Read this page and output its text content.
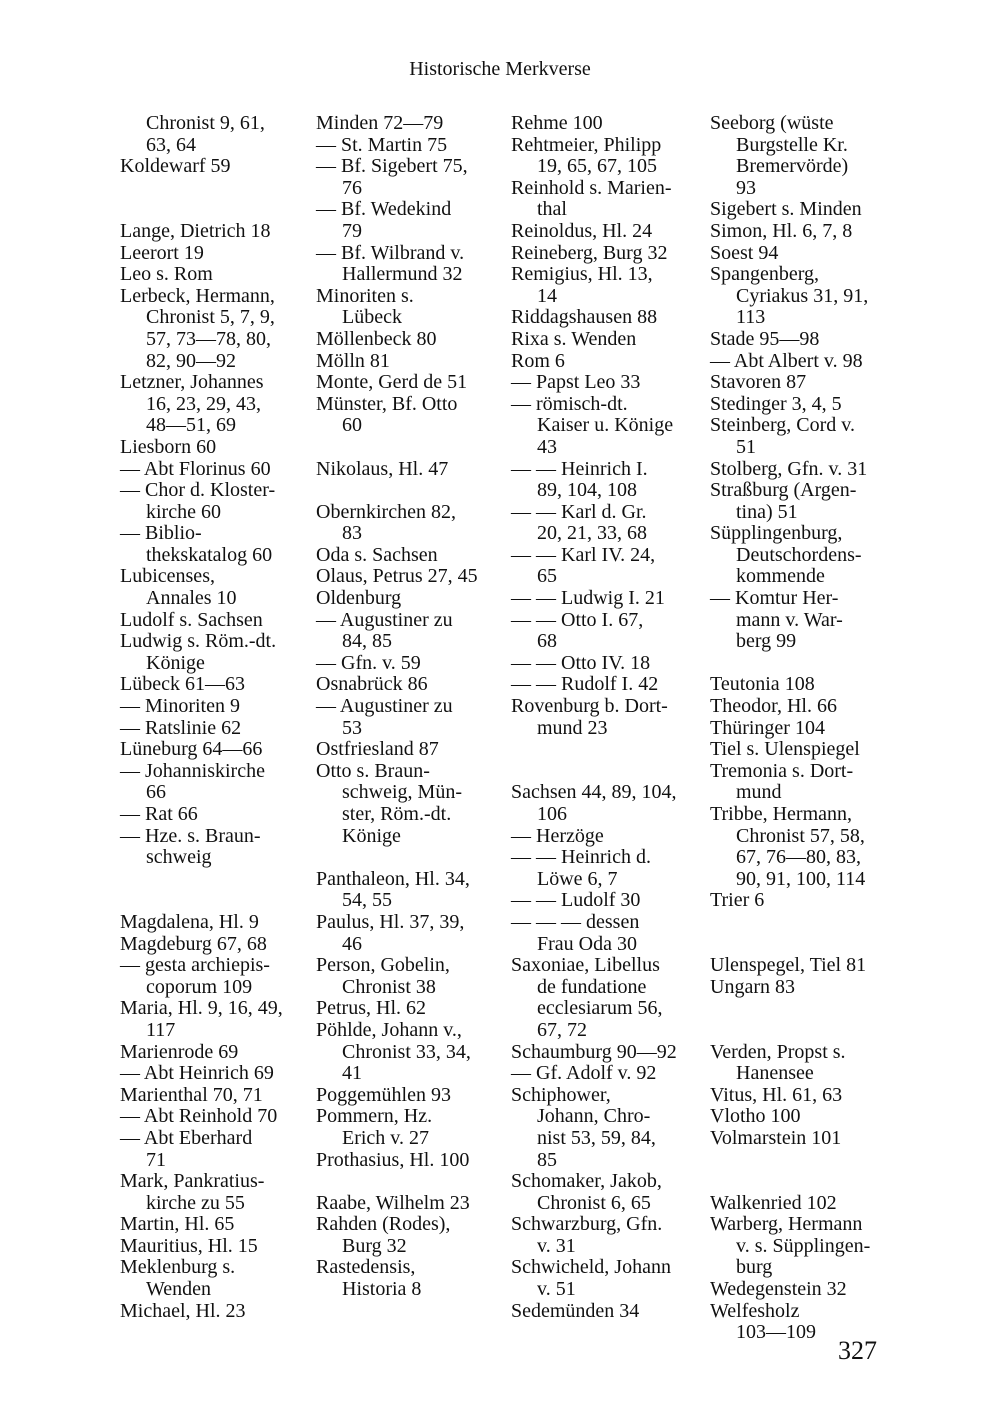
Historische Merkverse
Chronist 9, 61,
63, 64
Koldewarf 59
Lange, Dietrich 18
Leerort 19
Leo s. Rom
Lerbeck, Hermann,
Chronist 5, 7, 9,
57, 73—78, 80,
82, 90—92
Letzner, Johannes
16, 23, 29, 43,
48—51, 69
Liesborn 60
— Abt Florinus 60
— Chor d. Kloster-
kirche 60
— Biblio-
thekskatalog 60
Lubicenses,
Annales 10
Ludolf s. Sachsen
Ludwig s. Röm.-dt.
Könige
Lübeck 61—63
— Minoriten 9
— Ratslinie 62
Lüneburg 64—66
— Johanniskirche
66
— Rat 66
— Hze. s. Braun-
schweig
Magdalena, Hl. 9
Magdeburg 67, 68
— gesta archiepis-
coporum 109
Maria, Hl. 9, 16, 49,
117
Marienrode 69
— Abt Heinrich 69
Marienthal 70, 71
— Abt Reinhold 70
— Abt Eberhard
71
Mark, Pankratius-
kirche zu 55
Martin, Hl. 65
Mauritius, Hl. 15
Meklenburg s.
Wenden
Michael, Hl. 23
Minden 72—79
— St. Martin 75
— Bf. Sigebert 75,
76
— Bf. Wedekind
79
— Bf. Wilbrand v.
Hallermund 32
Minoriten s.
Lübeck
Möllenbeck 80
Mölln 81
Monte, Gerd de 51
Münster, Bf. Otto
60
Nikolaus, Hl. 47
Obernkirchen 82,
83
Oda s. Sachsen
Olaus, Petrus 27, 45
Oldenburg
— Augustiner zu
84, 85
— Gfn. v. 59
Osnabrück 86
— Augustiner zu
53
Ostfriesland 87
Otto s. Braun-
schweig, Mün-
ster, Röm.-dt.
Könige
Panthaleon, Hl. 34,
54, 55
Paulus, Hl. 37, 39,
46
Person, Gobelin,
Chronist 38
Petrus, Hl. 62
Pöhlde, Johann v.,
Chronist 33, 34,
41
Poggemühlen 93
Pommern, Hz.
Erich v. 27
Prothasius, Hl. 100
Raabe, Wilhelm 23
Rahden (Rodes),
Burg 32
Rastedensis,
Historia 8
Rehme 100
Rehtmeier, Philipp
19, 65, 67, 105
Reinhold s. Marien-
thal
Reinoldus, Hl. 24
Reineberg, Burg 32
Remigius, Hl. 13,
14
Riddagshausen 88
Rixa s. Wenden
Rom 6
— Papst Leo 33
— römisch-dt.
Kaiser u. Könige
43
— — Heinrich I.
89, 104, 108
— — Karl d. Gr.
20, 21, 33, 68
— — Karl IV. 24,
65
— — Ludwig I. 21
— — Otto I. 67,
68
— — Otto IV. 18
— — Rudolf I. 42
Rovenburg b. Dort-
mund 23
Sachsen 44, 89, 104,
106
— Herzöge
— — Heinrich d.
Löwe 6, 7
— — Ludolf 30
— — — dessen
Frau Oda 30
Saxoniae, Libellus
de fundatione
ecclesiarum 56,
67, 72
Schaumburg 90—92
— Gf. Adolf v. 92
Schiphower,
Johann, Chro-
nist 53, 59, 84,
85
Schomaker, Jakob,
Chronist 6, 65
Schwarzburg, Gfn.
v. 31
Schwicheld, Johann
v. 51
Sedemünden 34
Seeborg (wüste
Burgstelle Kr.
Bremervörde)
93
Sigebert s. Minden
Simon, Hl. 6, 7, 8
Soest 94
Spangenberg,
Cyriakus 31, 91,
113
Stade 95—98
— Abt Albert v. 98
Stavoren 87
Stedinger 3, 4, 5
Steinberg, Cord v.
51
Stolberg, Gfn. v. 31
Straßburg (Argen-
tina) 51
Süpplingenburg,
Deutschordens-
kommende
— Komtur Her-
mann v. War-
berg 99
Teutonia 108
Theodor, Hl. 66
Thüringer 104
Tiel s. Ulenspiegel
Tremonia s. Dort-
mund
Tribbe, Hermann,
Chronist 57, 58,
67, 76—80, 83,
90, 91, 100, 114
Trier 6
Ulenspegel, Tiel 81
Ungarn 83
Verden, Propst s.
Hanensee
Vitus, Hl. 61, 63
Vlotho 100
Volmarstein 101
Walkenried 102
Warberg, Hermann
v. s. Süpplingen-
burg
Wedegenstein 32
Welfesholz
103—109
327
